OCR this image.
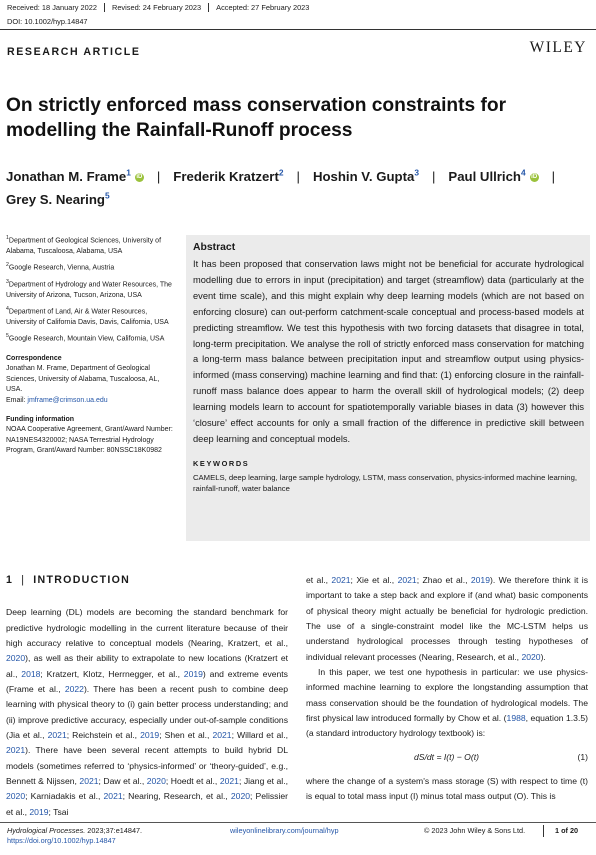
Received: 18 January 2022 Revised: 24 February 2023 Accepted: 27 February 2023
DOI: 10.1002/hyp.14847
RESEARCH ARTICLE	WILEY
On strictly enforced mass conservation constraints for modelling the Rainfall-Runoff process
Jonathan M. Frame$^1$ iD | Frederik Kratzert$^2$ | Hoshin V. Gupta$^3$ | Paul Ullrich$^4$ iD |
Grey S. Nearing$^5$
$^1$Department of Geological Sciences, University of Alabama, Tuscaloosa, Alabama, USA
$^2$Google Research, Vienna, Austria
$^3$Department of Hydrology and Water Resources, The University of Arizona, Tucson, Arizona, USA
$^4$Department of Land, Air & Water Resources, University of California Davis, Davis, California, USA
$^5$Google Research, Mountain View, California, USA
Correspondence
Jonathan M. Frame, Department of Geological Sciences, University of Alabama, Tuscaloosa, AL, USA.
Email: jmframe@crimson.ua.edu
Funding information
NOAA Cooperative Agreement, Grant/Award Number: NA19NES4320002; NASA Terrestrial Hydrology Program, Grant/Award Number: 80NSSC18K0982
Abstract
It has been proposed that conservation laws might not be beneficial for accurate hydrological modelling due to errors in input (precipitation) and target (streamflow) data (particularly at the event time scale), and this might explain why deep learning models (which are not based on enforcing closure) can out-perform catchment-scale conceptual and process-based models at predicting streamflow. We test this hypothesis with two forcing datasets that disagree in total, long-term precipitation. We analyse the roll of strictly enforced mass conservation for matching a long-term mass balance between precipitation input and streamflow output using physics-informed (mass conserving) machine learning and find that: (1) enforcing closure in the rainfall-runoff mass balance does appear to harm the overall skill of hydrological models; (2) deep learning models learn to account for spatiotemporally variable biases in data (3) however this ‘closure’ effect accounts for only a small fraction of the difference in predictive skill between deep learning and conceptual models.
KEYWORDS
CAMELS, deep learning, large sample hydrology, LSTM, mass conservation, physics-informed machine learning, rainfall-runoff, water balance
1 | INTRODUCTION

Deep learning (DL) models are becoming the standard benchmark for predictive hydrologic modelling in the current literature because of their high accuracy relative to conceptual models (Nearing, Kratzert, et al., 2020), as well as their ability to extrapolate to new locations (Kratzert et al., 2018; Kratzert, Klotz, Herrnegger, et al., 2019) and extreme events (Frame et al., 2022). There has been a recent push to combine deep learning with physical theory to (i) gain better process understanding; and (ii) improve predictive accuracy, especially under out-of-sample conditions (Jia et al., 2021; Reichstein et al., 2019; Shen et al., 2021; Willard et al., 2021). There have been several recent attempts to build hybrid DL models (sometimes referred to ‘physics-informed’ or ‘theory-guided’, e.g., Bennett & Nijssen, 2021; Daw et al., 2020; Hoedt et al., 2021; Jiang et al., 2020; Karniadakis et al., 2021; Nearing, Research, et al., 2020; Pelissier et al., 2019; Tsai

et al., 2021; Xie et al., 2021; Zhao et al., 2019). We therefore think it is important to take a step back and explore if (and what) basic components of physical theory might actually be beneficial for hydrologic prediction. The use of a single-constraint model like the MC-LSTM helps us understand hydrological processes through testing hypotheses of individual relevant processes (Nearing, Research, et al., 2020).

In this paper, we test one hypothesis in particular: we use physics-informed machine learning to explore the longstanding assumption that mass conservation should be the foundation of hydrological models. The first physical law introduced formally by Chow et al. (1988, equation 1.3.5) (a standard introductory hydrology textbook) is:

dS/dt = I(t) − O(t)	(1)

where the change of a system's mass storage (S) with respect to time (t) is equal to total mass input (I) minus total mass output (O). This is

Hydrological Processes. 2023;37:e14847.
https://doi.org/10.1002/hyp.14847
wileyonlinelibrary.com/journal/hyp	© 2023 John Wiley & Sons Ltd.	1 of 20
